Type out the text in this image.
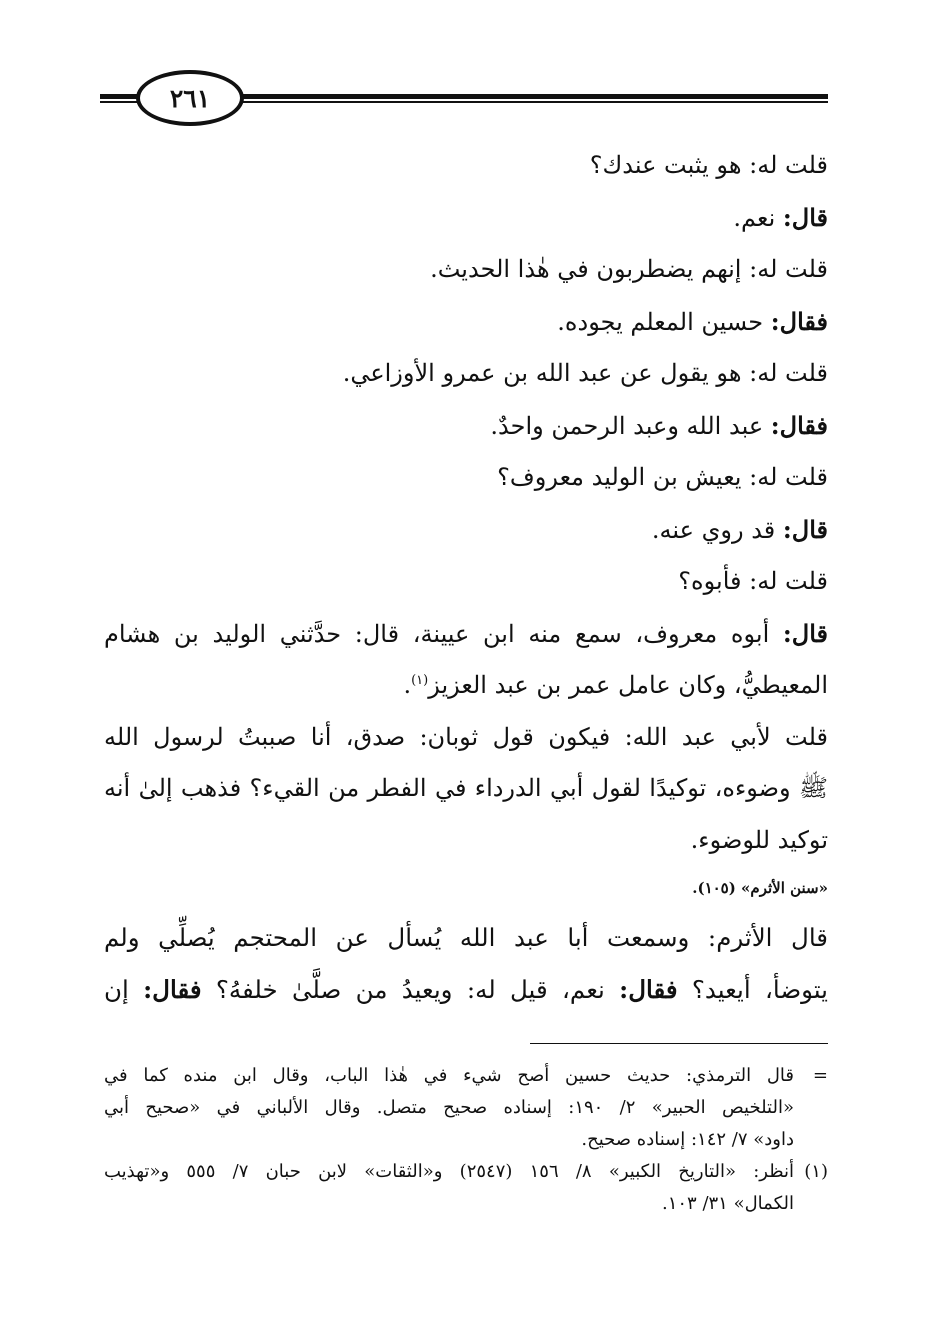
٢٦١
قلت له: هو يثبت عندك؟
قال: نعم.
قلت له: إنهم يضطربون في هٰذا الحديث.
فقال: حسين المعلم يجوده.
قلت له: هو يقول عن عبد الله بن عمرو الأوزاعي.
فقال: عبد الله وعبد الرحمن واحدٌ.
قلت له: يعيش بن الوليد معروف؟
قال: قد روي عنه.
قلت له: فأبوه؟
قال: أبوه معروف، سمع منه ابن عيينة، قال: حدَّثني الوليد بن هشام
المعيطيُّ، وكان عامل عمر بن عبد العزيز$^{(١)}$.
قلت لأبي عبد الله: فيكون قول ثوبان: صدق، أنا صببتُ لرسول الله
ﷺ وضوءه، توكيدًا لقول أبي الدرداء في الفطر من القيء؟ فذهب إلىٰ أنه
توكيد للوضوء.
«سنن الأثرم» (١٠٥).
قال الأثرم: وسمعت أبا عبد الله يُسأل عن المحتجم يُصلِّي ولم
يتوضأ، أيعيد؟ فقال: نعم، قيل له: ويعيدُ من صلَّىٰ خلفهُ؟ فقال: إن
=
قال الترمذي: حديث حسين أصح شيء في هٰذا الباب، وقال ابن منده كما في
«التلخيص الحبير» ٢/ ١٩٠: إسناده صحيح متصل. وقال الألباني في «صحيح أبي
داود» ٧/ ١٤٢: إسناده صحيح.
(١)
أنظر: «التاريخ الكبير» ٨/ ١٥٦ (٢٥٤٧) و«الثقات» لابن حبان ٧/ ٥٥٥ و«تهذيب
الكمال» ٣١/ ١٠٣.
